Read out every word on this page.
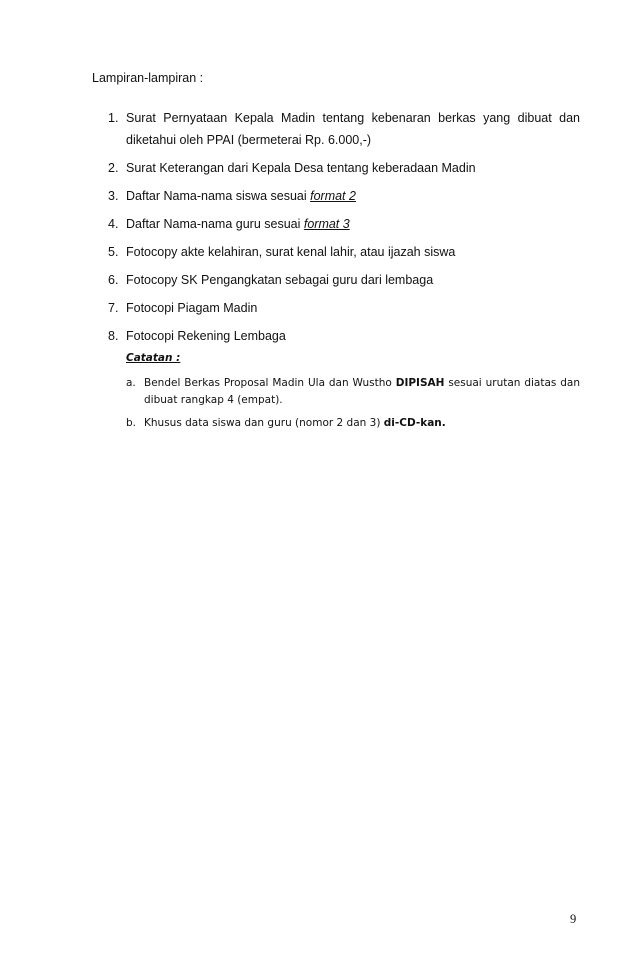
Lampiran-lampiran :
1. Surat Pernyataan Kepala Madin tentang kebenaran berkas yang dibuat dan diketahui oleh PPAI (bermeterai Rp. 6.000,-)
2. Surat Keterangan dari Kepala Desa tentang keberadaan Madin
3. Daftar Nama-nama siswa sesuai format 2
4. Daftar Nama-nama guru sesuai format 3
5. Fotocopy akte kelahiran, surat kenal lahir, atau ijazah siswa
6. Fotocopy SK Pengangkatan sebagai guru dari lembaga
7. Fotocopi Piagam Madin
8. Fotocopi Rekening Lembaga
Catatan :
a. Bendel Berkas Proposal Madin Ula dan Wustho DIPISAH sesuai urutan diatas dan dibuat rangkap 4 (empat).
b. Khusus data siswa dan guru (nomor 2 dan 3) di-CD-kan.
9
